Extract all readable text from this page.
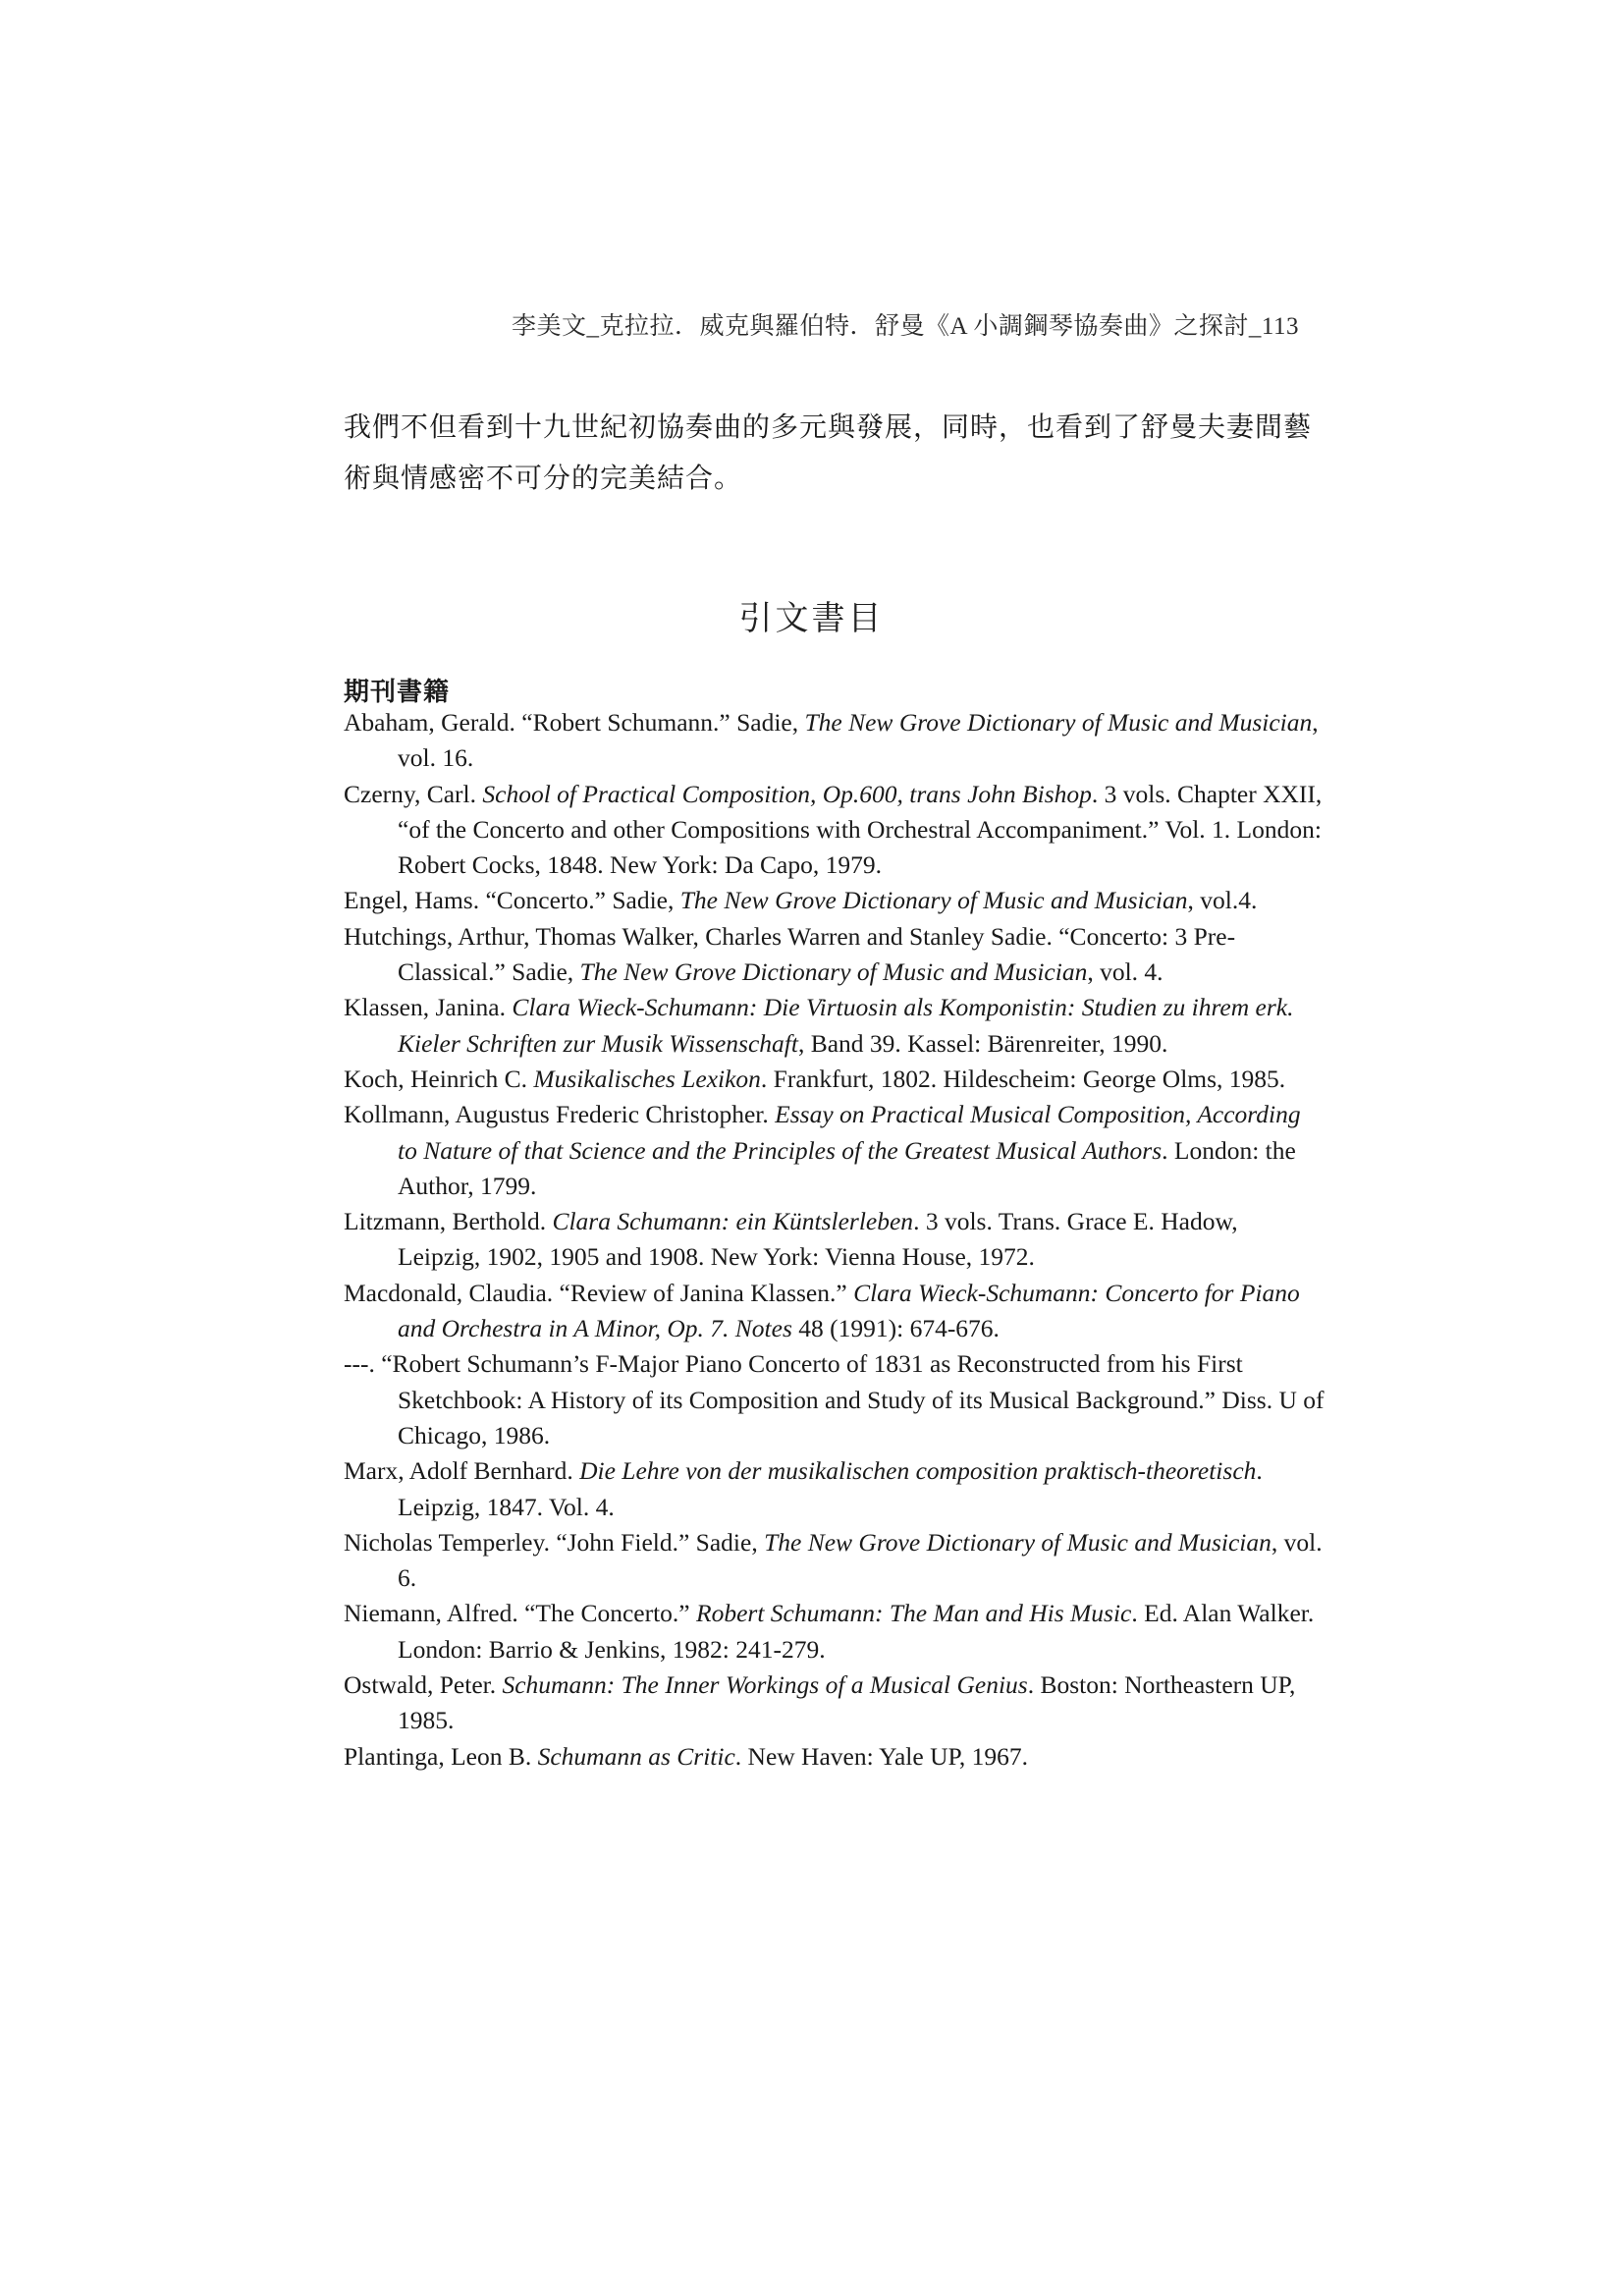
李美文_克拉拉．威克與羅伯特．舒曼《A 小調鋼琴協奏曲》之探討_113

我們不但看到十九世紀初協奏曲的多元與發展，同時，也看到了舒曼夫妻間藝術與情感密不可分的完美結合。

引文書目
期刊書籍
Abaham, Gerald. “Robert Schumann.” Sadie, The New Grove Dictionary of Music and Musician, vol. 16.
Czerny, Carl. School of Practical Composition, Op.600, trans John Bishop. 3 vols. Chapter XXII, “of the Concerto and other Compositions with Orchestral Accompaniment.” Vol. 1. London: Robert Cocks, 1848. New York: Da Capo, 1979.
Engel, Hams. “Concerto.” Sadie, The New Grove Dictionary of Music and Musician, vol.4.
Hutchings, Arthur, Thomas Walker, Charles Warren and Stanley Sadie. “Concerto: 3 Pre-Classical.” Sadie, The New Grove Dictionary of Music and Musician, vol. 4.
Klassen, Janina. Clara Wieck-Schumann: Die Virtuosin als Komponistin: Studien zu ihrem erk. Kieler Schriften zur Musik Wissenschaft, Band 39. Kassel: Bärenreiter, 1990.
Koch, Heinrich C. Musikalisches Lexikon. Frankfurt, 1802. Hildescheim: George Olms, 1985.
Kollmann, Augustus Frederic Christopher. Essay on Practical Musical Composition, According to Nature of that Science and the Principles of the Greatest Musical Authors. London: the Author, 1799.
Litzmann, Berthold. Clara Schumann: ein Küntslerleben. 3 vols. Trans. Grace E. Hadow, Leipzig, 1902, 1905 and 1908. New York: Vienna House, 1972.
Macdonald, Claudia. “Review of Janina Klassen.” Clara Wieck-Schumann: Concerto for Piano and Orchestra in A Minor, Op. 7. Notes 48 (1991): 674-676.
---. “Robert Schumann’s F-Major Piano Concerto of 1831 as Reconstructed from his First Sketchbook: A History of its Composition and Study of its Musical Background.” Diss. U of Chicago, 1986.
Marx, Adolf Bernhard. Die Lehre von der musikalischen composition praktisch-theoretisch. Leipzig, 1847. Vol. 4.
Nicholas Temperley. “John Field.” Sadie, The New Grove Dictionary of Music and Musician, vol. 6.
Niemann, Alfred. “The Concerto.” Robert Schumann: The Man and His Music. Ed. Alan Walker. London: Barrio & Jenkins, 1982: 241-279.
Ostwald, Peter. Schumann: The Inner Workings of a Musical Genius. Boston: Northeastern UP, 1985.
Plantinga, Leon B. Schumann as Critic. New Haven: Yale UP, 1967.
